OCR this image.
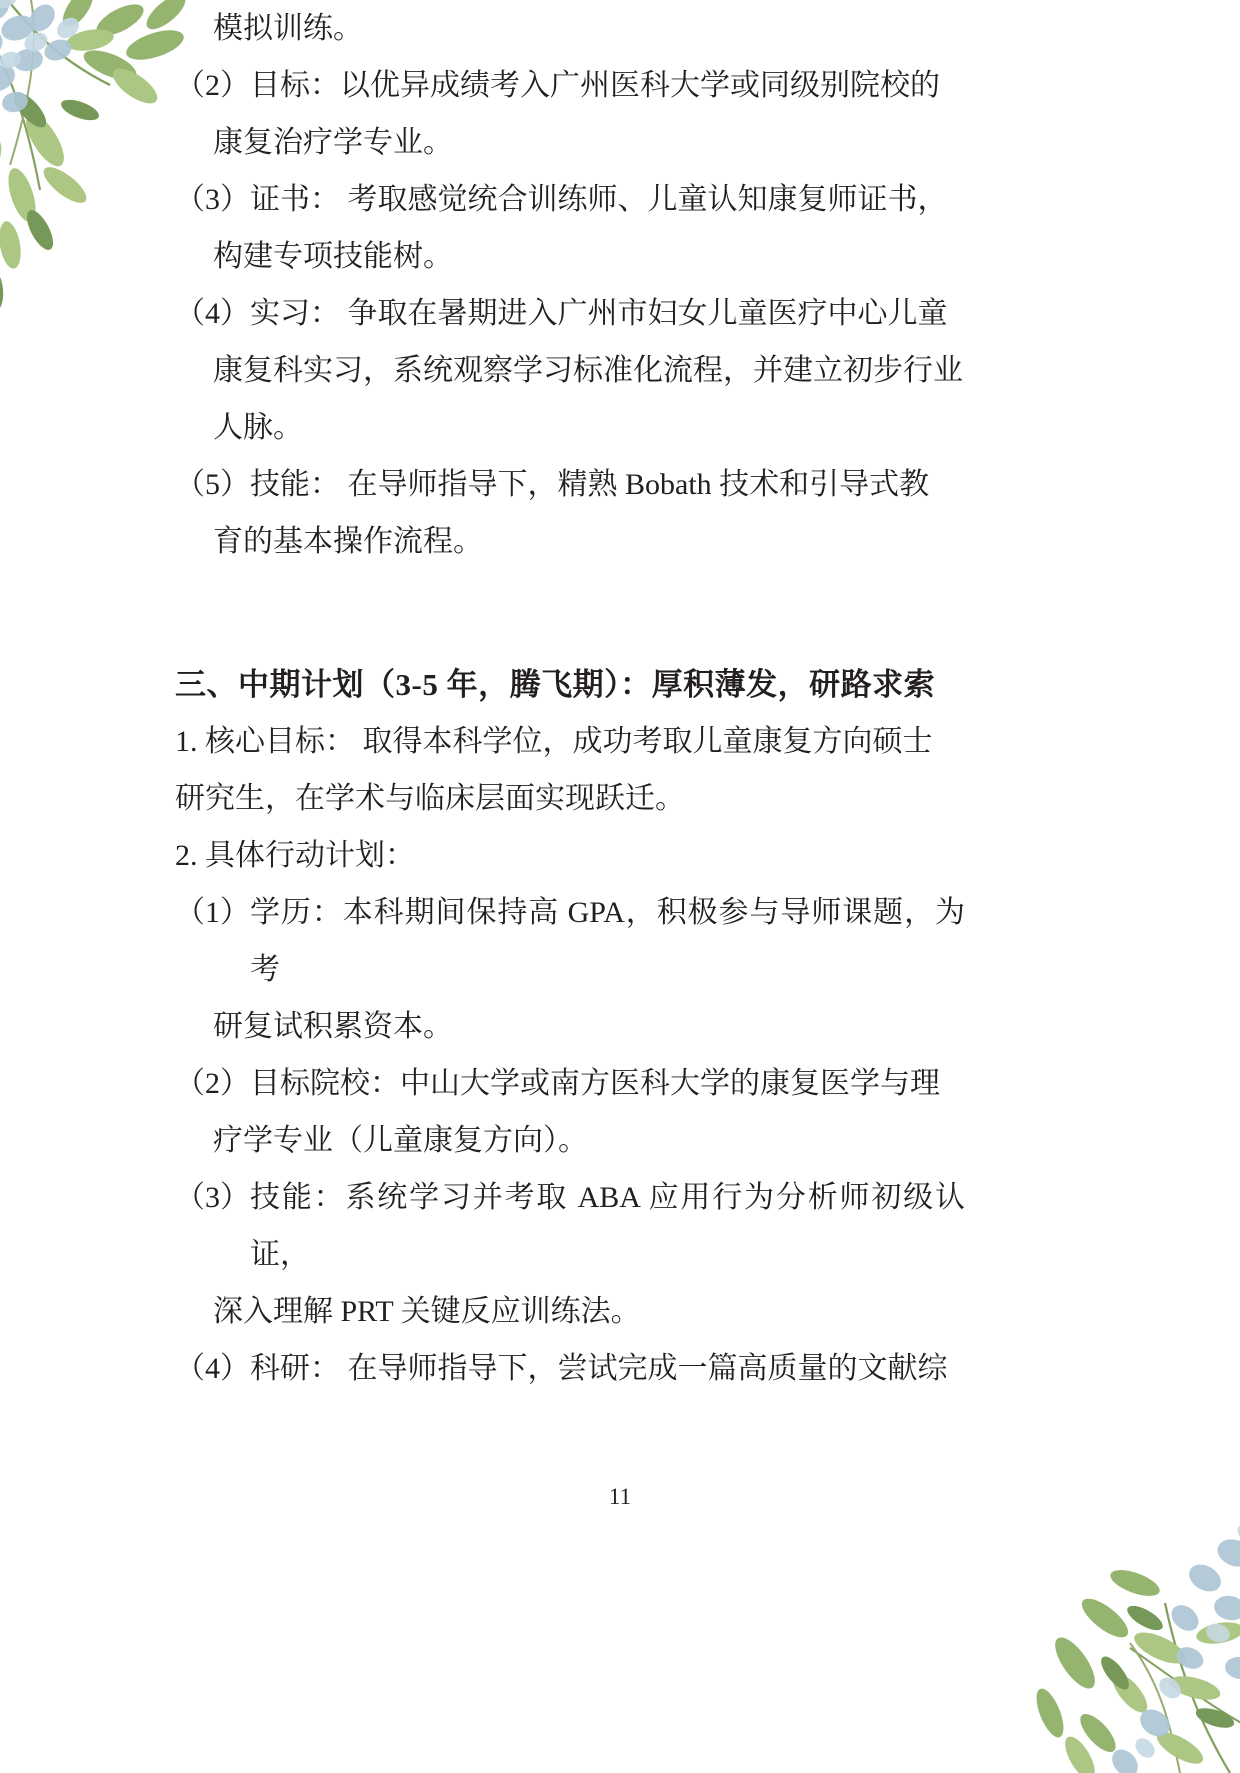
模拟训练。

（2） 目标：以优异成绩考入广州医科大学或同级别院校的

康复治疗学专业。

（3） 证书： 考取感觉统合训练师、儿童认知康复师证书，

构建专项技能树。

（4） 实习： 争取在暑期进入广州市妇女儿童医疗中心儿童

康复科实习，系统观察学习标准化流程，并建立初步行业

人脉。

（5） 技能： 在导师指导下，精熟 Bobath 技术和引导式教

育的基本操作流程。

三、中期计划（3-5 年，腾飞期）：厚积薄发，研路求索

1. 核心目标： 取得本科学位，成功考取儿童康复方向硕士

研究生，在学术与临床层面实现跃迁。

2. 具体行动计划：

（1） 学历：本科期间保持高 GPA，积极参与导师课题，为考

研复试积累资本。

（2） 目标院校：中山大学或南方医科大学的康复医学与理

疗学专业（儿童康复方向）。

（3） 技能：系统学习并考取 ABA 应用行为分析师初级认证，

深入理解 PRT 关键反应训练法。

（4） 科研： 在导师指导下，尝试完成一篇高质量的文献综

11
